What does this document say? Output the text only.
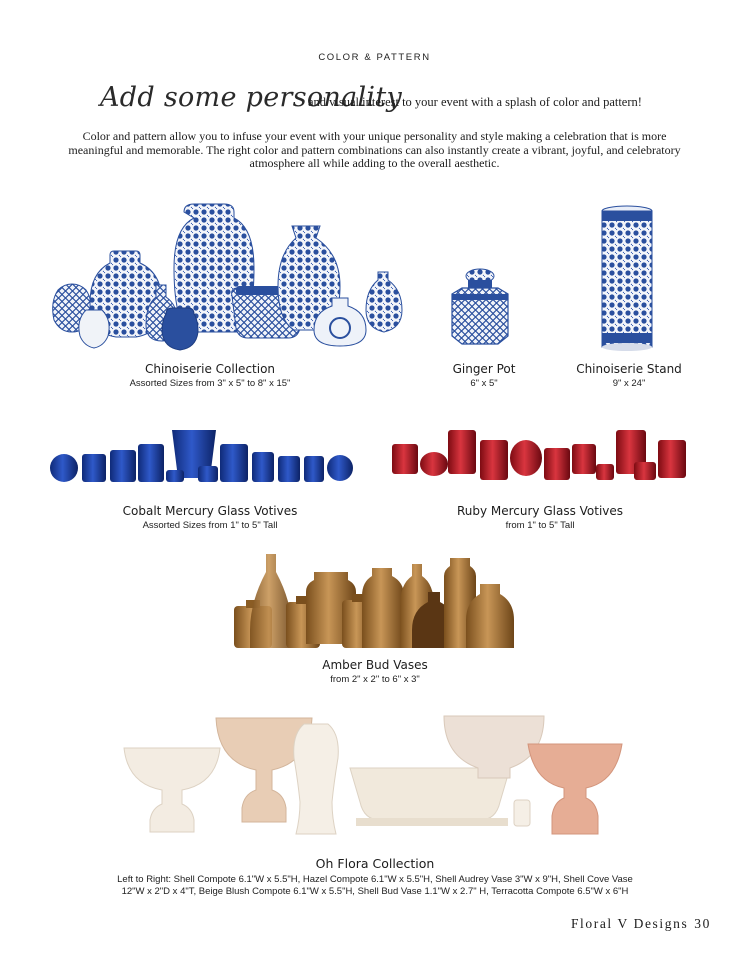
COLOR & PATTERN
Add some personality
and visual interest to your event with a splash of color and pattern!
Color and pattern allow you to infuse your event with your unique personality and style making a celebration that is more meaningful and memorable. The right color and pattern combinations can also instantly create a vibrant, joyful, and celebratory atmosphere all while adding to the overall aesthetic.
Chinoiserie Collection
Assorted Sizes from 3" x 5" to 8" x 15"
Ginger Pot
6" x 5"
Chinoiserie Stand
9" x 24"
Cobalt Mercury Glass Votives
Assorted Sizes from 1" to 5" Tall
Ruby Mercury Glass Votives
from 1" to 5" Tall
Amber Bud Vases
from 2" x 2" to 6" x 3"
Oh Flora Collection
Left to Right: Shell Compote 6.1"W x 5.5"H, Hazel Compote 6.1"W x 5.5"H, Shell Audrey Vase 3"W x 9"H, Shell Cove Vase
12"W x 2"D x 4"T, Beige Blush Compote 6.1"W x 5.5"H, Shell Bud Vase 1.1"W x 2.7" H, Terracotta Compote 6.5"W x 6"H
Floral V Designs 30
